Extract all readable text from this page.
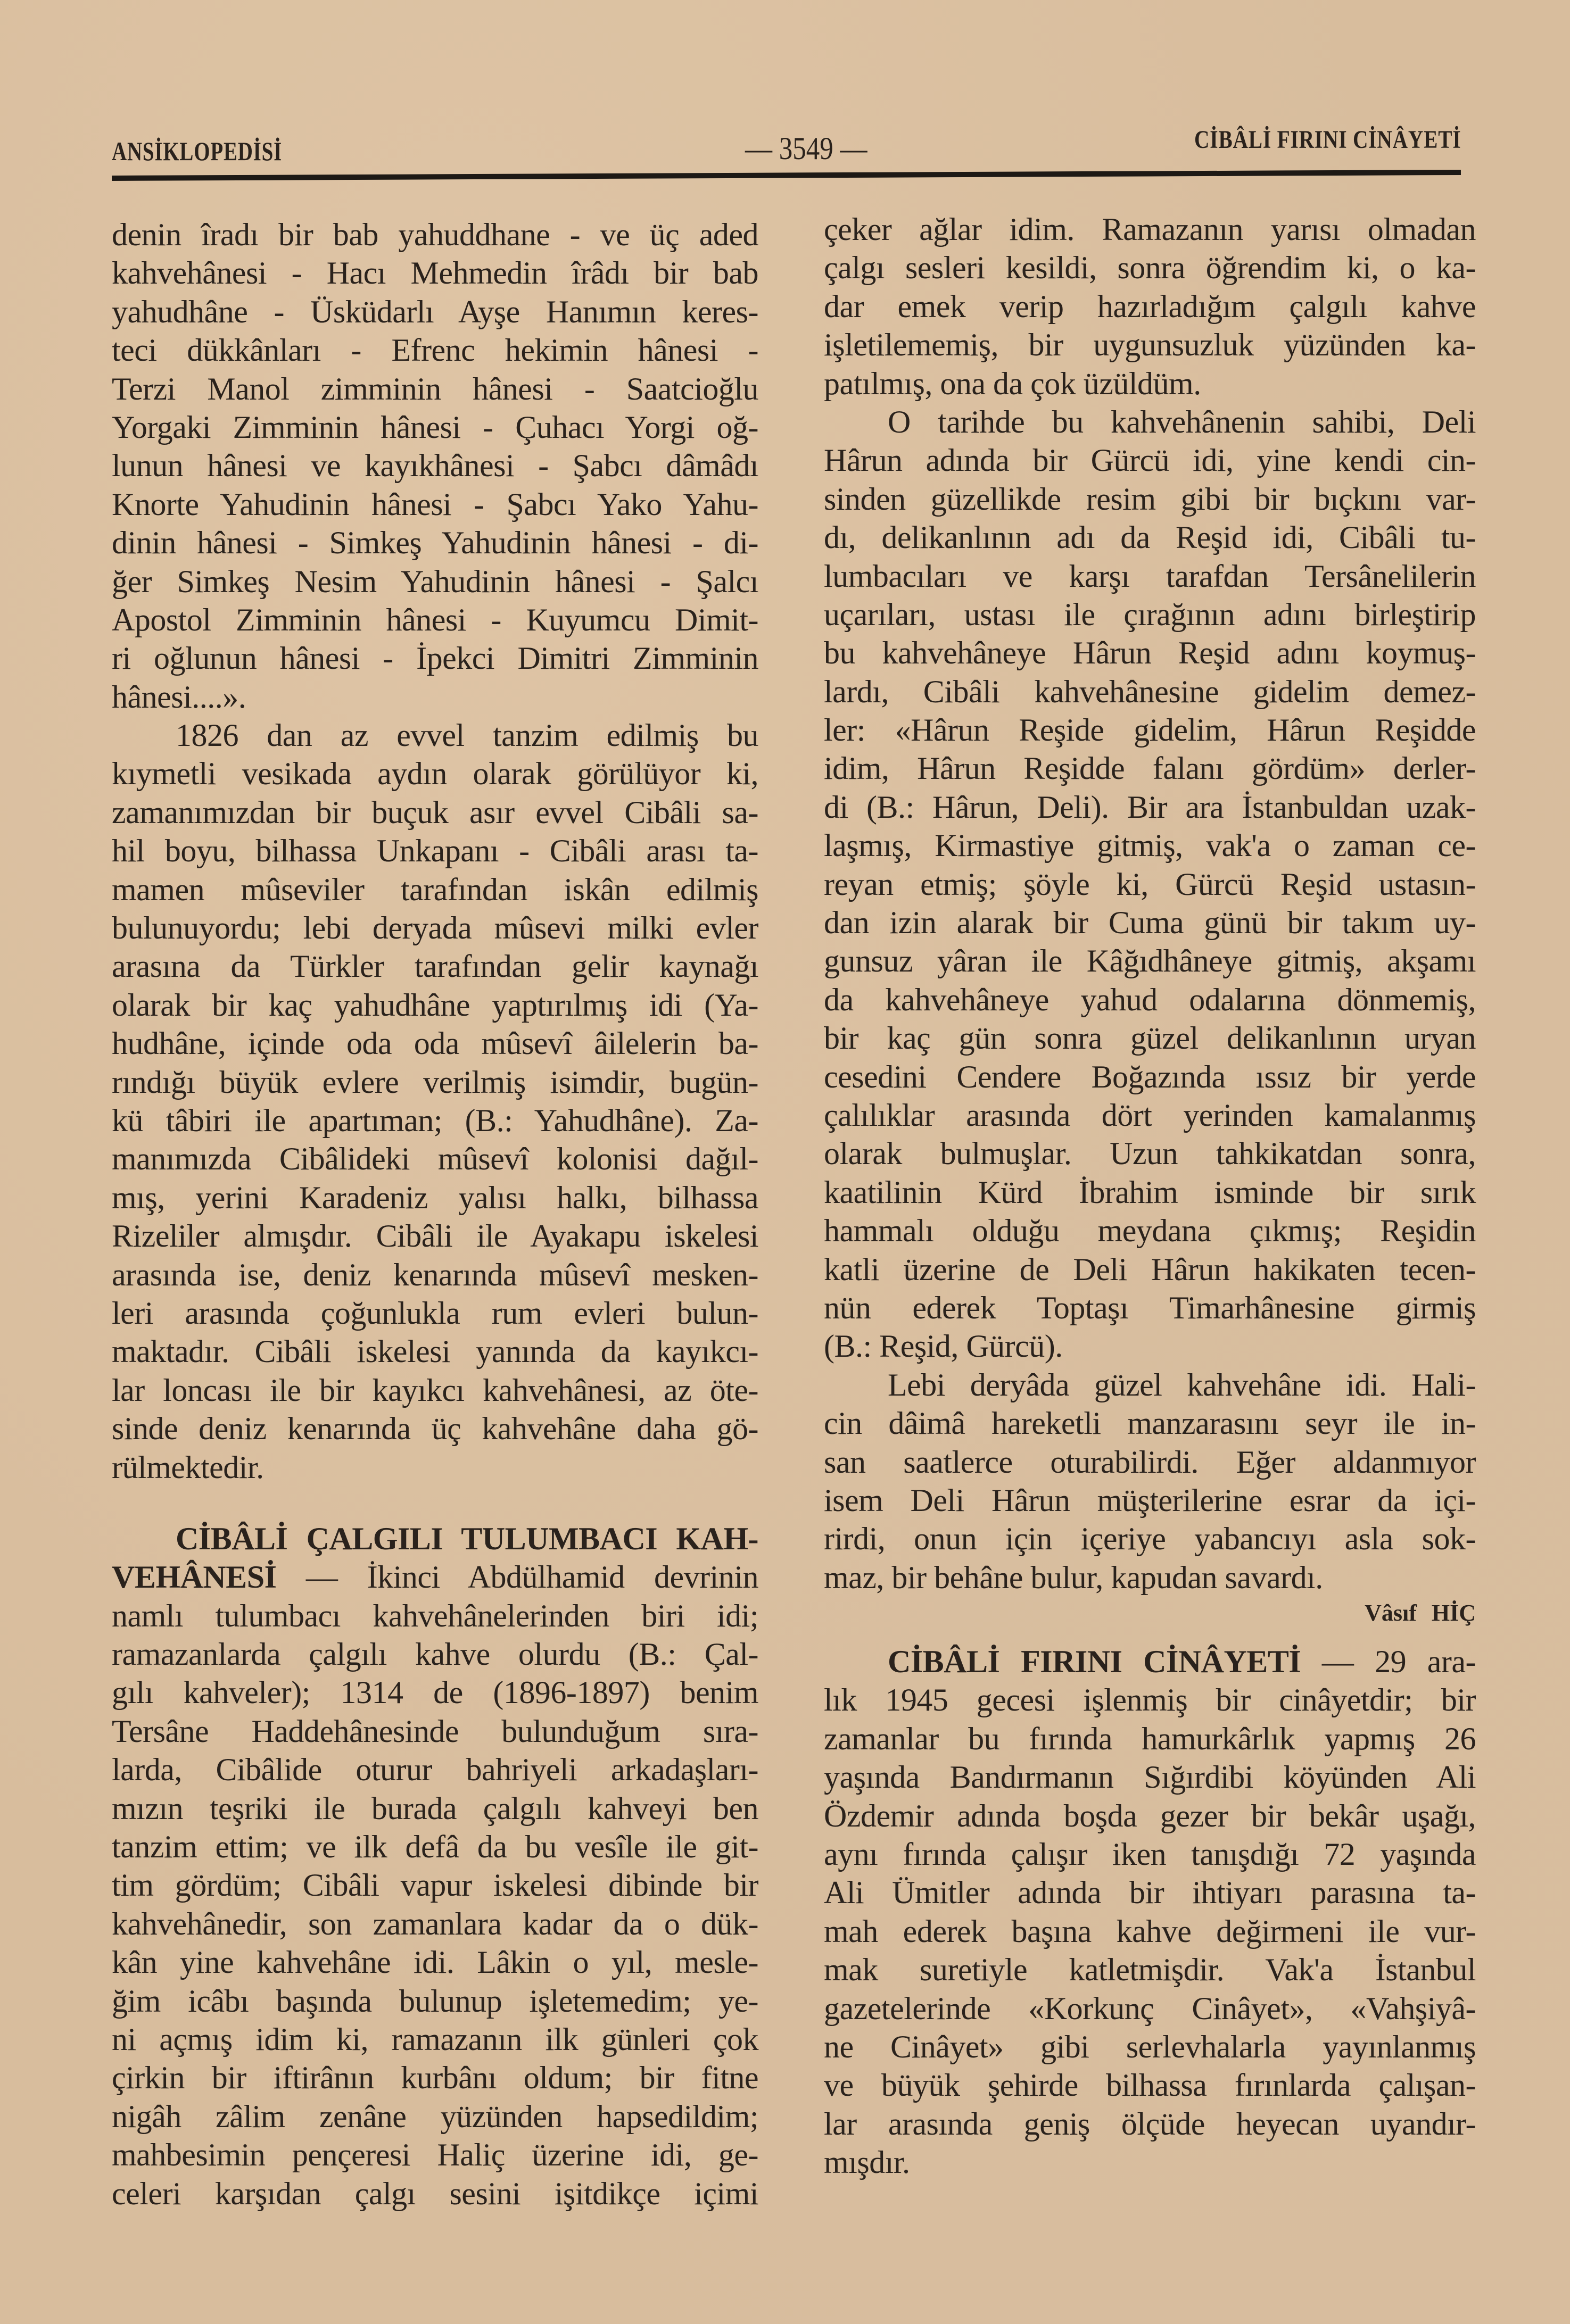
ANSİKLOPEDİSİ	— 3549 —	CİBÂLİ FIRINI CİNÂYETİ
denin îradı bir bab yahuddhane - ve üç aded
kahvehânesi - Hacı Mehmedin îrâdı bir bab
yahudhâne - Üsküdarlı Ayşe Hanımın keres-
teci dükkânları - Efrenc hekimin hânesi -
Terzi Manol zimminin hânesi - Saatcioğlu
Yorgaki Zimminin hânesi - Çuhacı Yorgi oğ-
lunun hânesi ve kayıkhânesi - Şabcı dâmâdı
Knorte Yahudinin hânesi - Şabcı Yako Yahu-
dinin hânesi - Simkeş Yahudinin hânesi - di-
ğer Simkeş Nesim Yahudinin hânesi - Şalcı
Apostol Zimminin hânesi - Kuyumcu Dimit-
ri oğlunun hânesi - İpekci Dimitri Zimminin
hânesi....».
1826 dan az evvel tanzim edilmiş bu
kıymetli vesikada aydın olarak görülüyor ki,
zamanımızdan bir buçuk asır evvel Cibâli sa-
hil boyu, bilhassa Unkapanı - Cibâli arası ta-
mamen mûseviler tarafından iskân edilmiş
bulunuyordu; lebi deryada mûsevi milki evler
arasına da Türkler tarafından gelir kaynağı
olarak bir kaç yahudhâne yaptırılmış idi (Ya-
hudhâne, içinde oda oda mûsevî âilelerin ba-
rındığı büyük evlere verilmiş isimdir, bugün-
kü tâbiri ile apartıman; (B.: Yahudhâne). Za-
manımızda Cibâlideki mûsevî kolonisi dağıl-
mış, yerini Karadeniz yalısı halkı, bilhassa
Rizeliler almışdır. Cibâli ile Ayakapu iskelesi
arasında ise, deniz kenarında mûsevî mesken-
leri arasında çoğunlukla rum evleri bulun-
maktadır. Cibâli iskelesi yanında da kayıkcı-
lar loncası ile bir kayıkcı kahvehânesi, az öte-
sinde deniz kenarında üç kahvehâne daha gö-
rülmektedir.
CİBÂLİ ÇALGILI TULUMBACI KAH-
VEHÂNESİ — İkinci Abdülhamid devrinin
namlı tulumbacı kahvehânelerinden biri idi;
ramazanlarda çalgılı kahve olurdu (B.: Çal-
gılı kahveler); 1314 de (1896-1897) benim
Tersâne Haddehânesinde bulunduğum sıra-
larda, Cibâlide oturur bahriyeli arkadaşları-
mızın teşriki ile burada çalgılı kahveyi ben
tanzim ettim; ve ilk defâ da bu vesîle ile git-
tim gördüm; Cibâli vapur iskelesi dibinde bir
kahvehânedir, son zamanlara kadar da o dük-
kân yine kahvehâne idi. Lâkin o yıl, mesle-
ğim icâbı başında bulunup işletemedim; ye-
ni açmış idim ki, ramazanın ilk günleri çok
çirkin bir iftirânın kurbânı oldum; bir fitne
nigâh zâlim zenâne yüzünden hapsedildim;
mahbesimin pençeresi Haliç üzerine idi, ge-
celeri karşıdan çalgı sesini işitdikçe içimi
çeker ağlar idim. Ramazanın yarısı olmadan
çalgı sesleri kesildi, sonra öğrendim ki, o ka-
dar emek verip hazırladığım çalgılı kahve
işletilememiş, bir uygunsuzluk yüzünden ka-
patılmış, ona da çok üzüldüm.
O tarihde bu kahvehânenin sahibi, Deli
Hârun adında bir Gürcü idi, yine kendi cin-
sinden güzellikde resim gibi bir bıçkını var-
dı, delikanlının adı da Reşid idi, Cibâli tu-
lumbacıları ve karşı tarafdan Tersânelilerin
uçarıları, ustası ile çırağının adını birleştirip
bu kahvehâneye Hârun Reşid adını koymuş-
lardı, Cibâli kahvehânesine gidelim demez-
ler: «Hârun Reşide gidelim, Hârun Reşidde
idim, Hârun Reşidde falanı gördüm» derler-
di (B.: Hârun, Deli). Bir ara İstanbuldan uzak-
laşmış, Kirmastiye gitmiş, vak'a o zaman ce-
reyan etmiş; şöyle ki, Gürcü Reşid ustasın-
dan izin alarak bir Cuma günü bir takım uy-
gunsuz yâran ile Kâğıdhâneye gitmiş, akşamı
da kahvehâneye yahud odalarına dönmemiş,
bir kaç gün sonra güzel delikanlının uryan
cesedini Cendere Boğazında ıssız bir yerde
çalılıklar arasında dört yerinden kamalanmış
olarak bulmuşlar. Uzun tahkikatdan sonra,
kaatilinin Kürd İbrahim isminde bir sırık
hammalı olduğu meydana çıkmış; Reşidin
katli üzerine de Deli Hârun hakikaten tecen-
nün ederek Toptaşı Timarhânesine girmiş
(B.: Reşid, Gürcü).
Lebi deryâda güzel kahvehâne idi. Hali-
cin dâimâ hareketli manzarasını seyr ile in-
san saatlerce oturabilirdi. Eğer aldanmıyor
isem Deli Hârun müşterilerine esrar da içi-
rirdi, onun için içeriye yabancıyı asla sok-
maz, bir behâne bulur, kapudan savardı.
Vâsıf HİÇ
CİBÂLİ FIRINI CİNÂYETİ — 29 ara-
lık 1945 gecesi işlenmiş bir cinâyetdir; bir
zamanlar bu fırında hamurkârlık yapmış 26
yaşında Bandırmanın Sığırdibi köyünden Ali
Özdemir adında boşda gezer bir bekâr uşağı,
aynı fırında çalışır iken tanışdığı 72 yaşında
Ali Ümitler adında bir ihtiyarı parasına ta-
mah ederek başına kahve değirmeni ile vur-
mak suretiyle katletmişdir. Vak'a İstanbul
gazetelerinde «Korkunç Cinâyet», «Vahşiyâ-
ne Cinâyet» gibi serlevhalarla yayınlanmış
ve büyük şehirde bilhassa fırınlarda çalışan-
lar arasında geniş ölçüde heyecan uyandır-
mışdır.
